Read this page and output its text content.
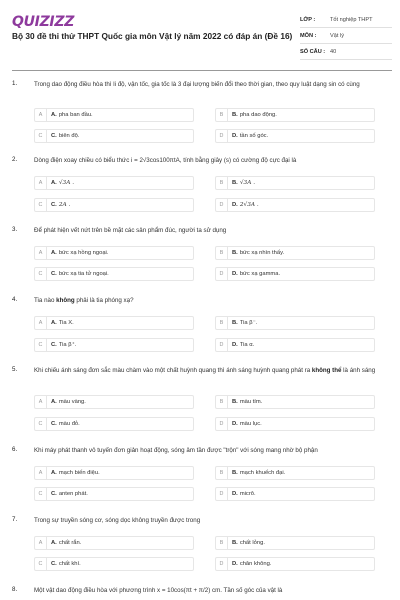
QUIZIZZ
Bộ 30 đề thi thử THPT Quốc gia môn Vật lý năm 2022 có đáp án (Đề 16)
LỚP :	Tốt nghiệp THPT
MÔN :	Vật lý
SỐ CÂU : 40
1.	Trong dao động điều hòa thì li độ, vận tốc, gia tốc là 3 đại lượng biến đổi theo thời gian, theo quy luật dạng sin có cùng
A	A. pha ban đầu.	B	B. pha dao động.
C	C. biên độ.	D	D. tần số góc.
2.	Dòng điện xoay chiều có biểu thức i = 2√3cos100πtA, tính bằng giây (s) có cường độ cực đại là
A	A. √3A .	B	B. √3A .
C	C. 2A .	D	D. 2√3A .
3.	Để phát hiện vết nứt trên bề mặt các sản phẩm đúc, người ta sử dụng
A	A. bức xạ hồng ngoại.	B	B. bức xạ nhìn thấy.
C	C. bức xạ tia tử ngoại.	D	D. bức xạ gamma.
4.	Tia nào không phải là tia phóng xạ?
A	A. Tia X.	B	B. Tia β⁻.
C	C. Tia β⁺.	D	D. Tia α.
5.	Khi chiếu ánh sáng đơn sắc màu chàm vào một chất huỳnh quang thì ánh sáng huỳnh quang phát ra không thể là ánh sáng
A	A. màu vàng.	B	B. màu tím.
C	C. màu đỏ.	D	D. màu lục.
6.	Khi máy phát thanh vô tuyến đơn giản hoạt động, sóng âm tần được "trộn" với sóng mang nhờ bộ phận
A	A. mạch biến điệu.	B	B. mạch khuếch đại.
C	C. anten phát.	D	D. micrô.
7.	Trong sự truyền sóng cơ, sóng dọc không truyền được trong
A	A. chất rắn.	B	B. chất lỏng.
C	C. chất khí.	D	D. chân không.
8.	Một vật dao động điều hòa với phương trình x = 10cos(πt + π/2) cm. Tần số góc của vật là
